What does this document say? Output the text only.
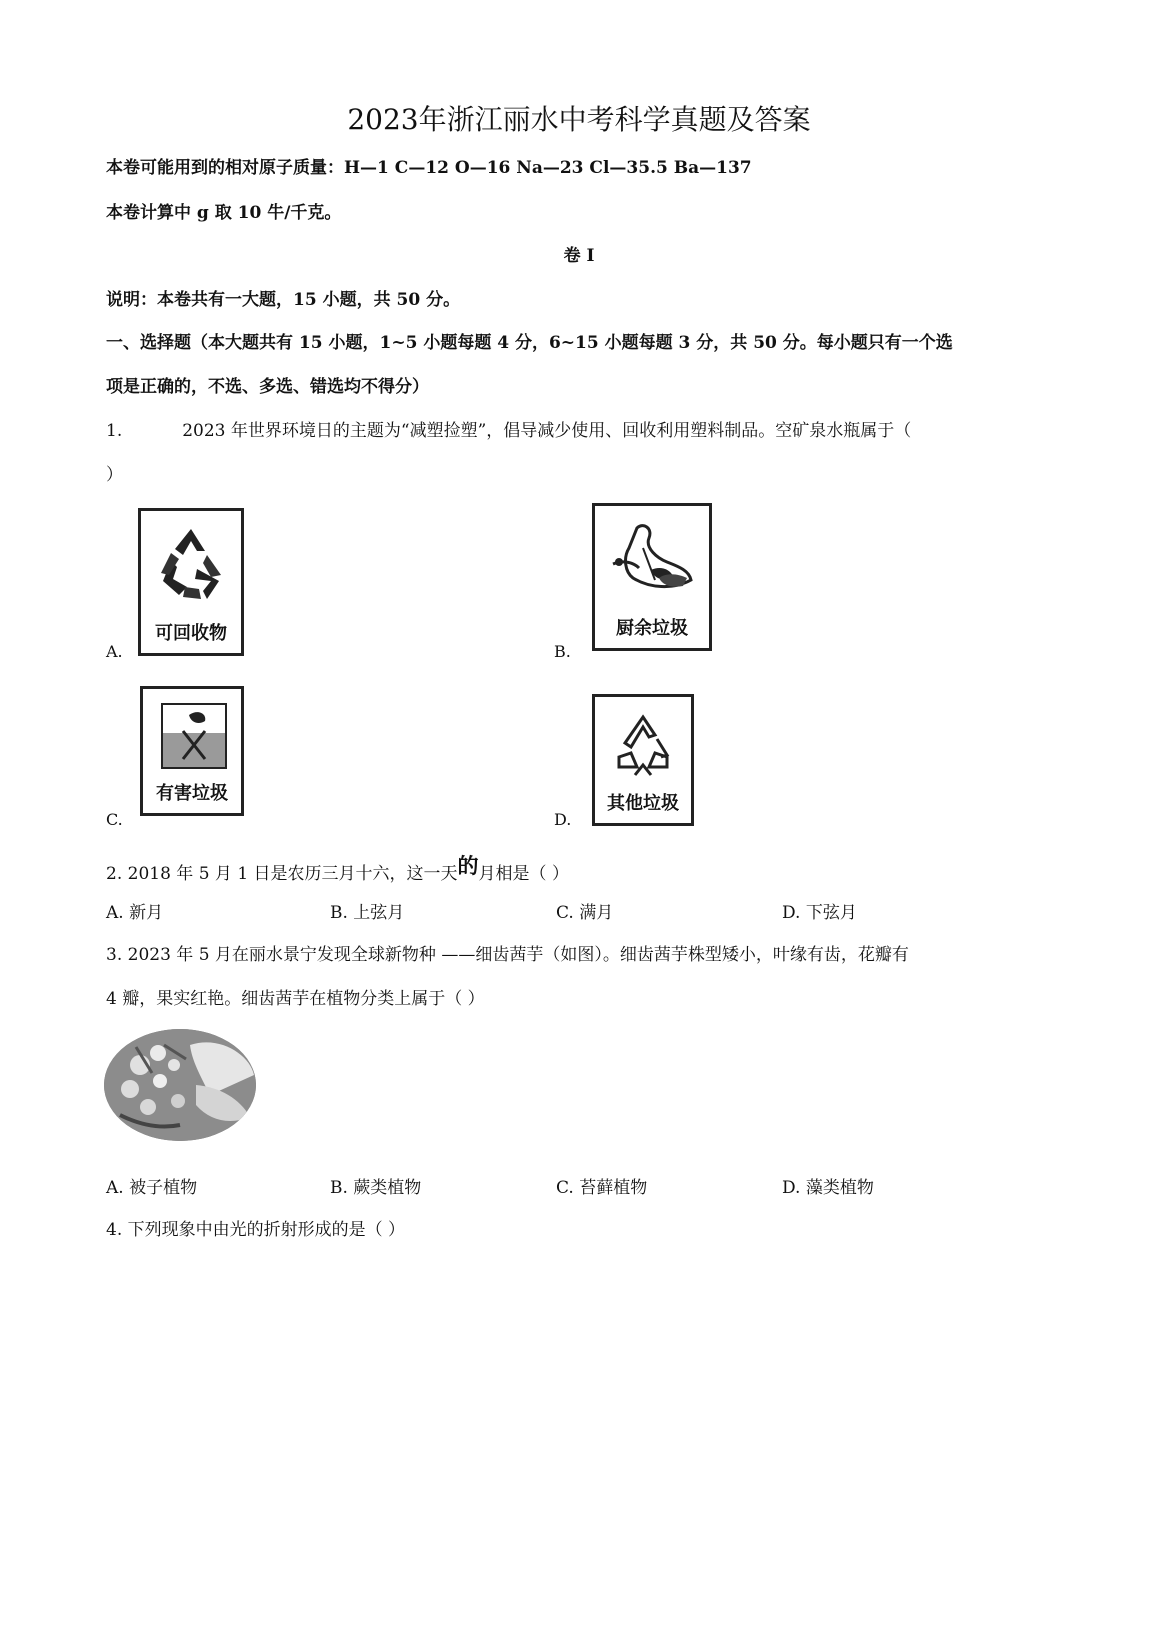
2023年浙江丽水中考科学真题及答案
本卷可能用到的相对原子质量：H—1 C—12 O—16 Na—23 Cl—35.5 Ba—137
本卷计算中 g 取 10 牛/千克。
卷 I
说明：本卷共有一大题，15 小题，共 50 分。
一、选择题（本大题共有 15 小题，1~5 小题每题 4 分，6~15 小题每题 3 分，共 50 分。每小题只有一个选
项是正确的，不选、多选、错选均不得分）
1.	2023 年世界环境日的主题为“减塑捡塑”，倡导减少使用、回收利用塑料制品。空矿泉水瓶属于（
）
A.
可回收物
B.
厨余垃圾
C.
有害垃圾
D.
其他垃圾
2. 2018 年 5 月 1 日是农历三月十六，这一天的月相是（ ）
A. 新月	B. 上弦月	C. 满月	D. 下弦月
3. 2023 年 5 月在丽水景宁发现全球新物种 ——细齿茜芋（如图）。细齿茜芋株型矮小，叶缘有齿，花瓣有
4 瓣，果实红艳。细齿茜芋在植物分类上属于（ ）
A. 被子植物	B. 蕨类植物	C. 苔藓植物	D. 藻类植物
4. 下列现象中由光的折射形成的是（ ）
